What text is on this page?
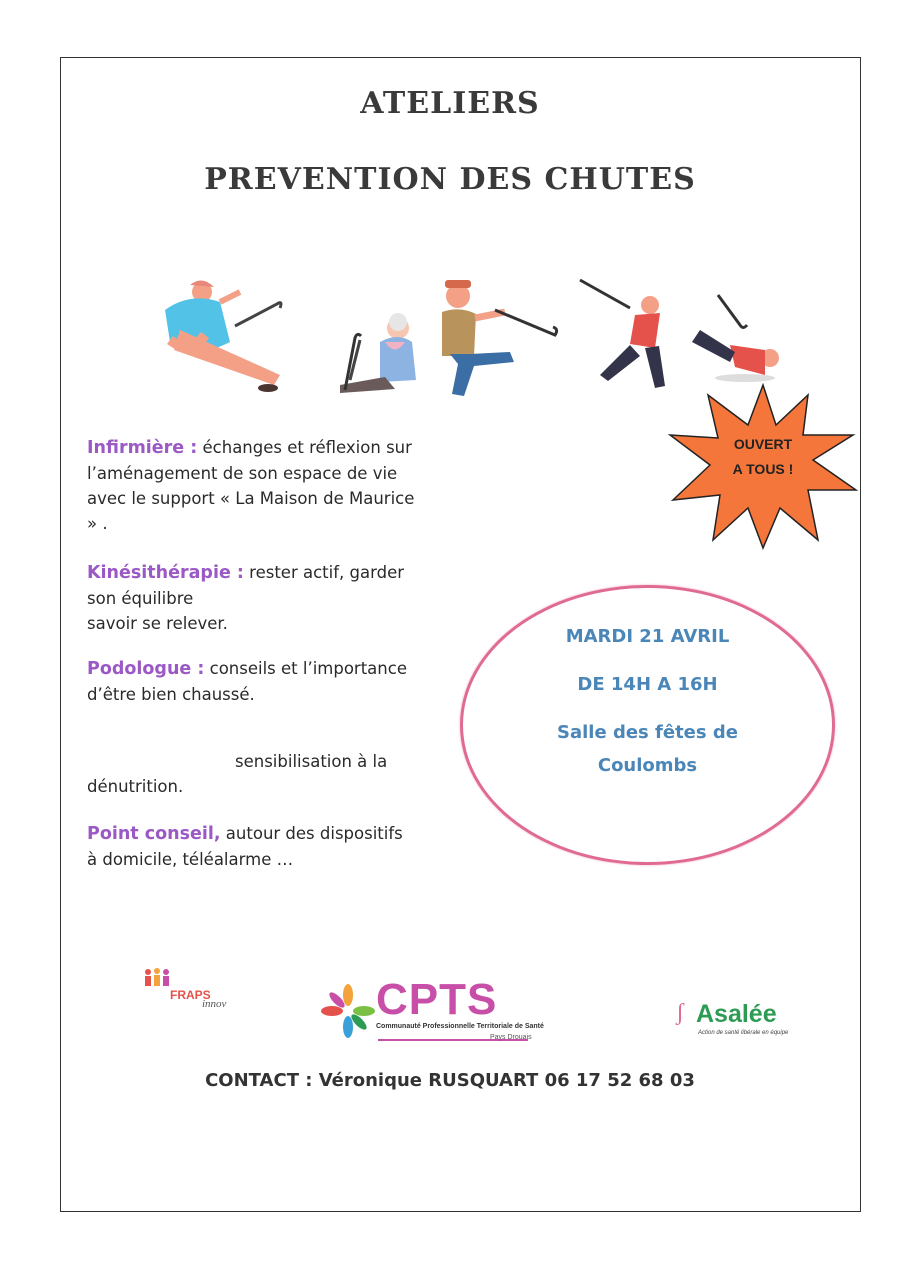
ATELIERS
PREVENTION DES CHUTES
Infirmière : échanges et réflexion sur l’aménagement de son espace de vie avec le support « La Maison de Maurice » .
Kinésithérapie : rester actif, garder son équilibre
savoir se relever.
Podologue : conseils et l’importance d’être bien chaussé.
sensibilisation à la dénutrition.
Point conseil, autour des dispositifs à domicile, téléalarme …
OUVERT
A TOUS !
MARDI 21 AVRIL
DE 14H A 16H
Salle des fêtes de
Coulombs
FRAPS
innov	CPTS
Communauté Professionnelle Territoriale de Santé
Pays Drouais
ʃ Asalée
Action de santé libérale en équipe
CONTACT : Véronique RUSQUART 06 17 52 68 03
